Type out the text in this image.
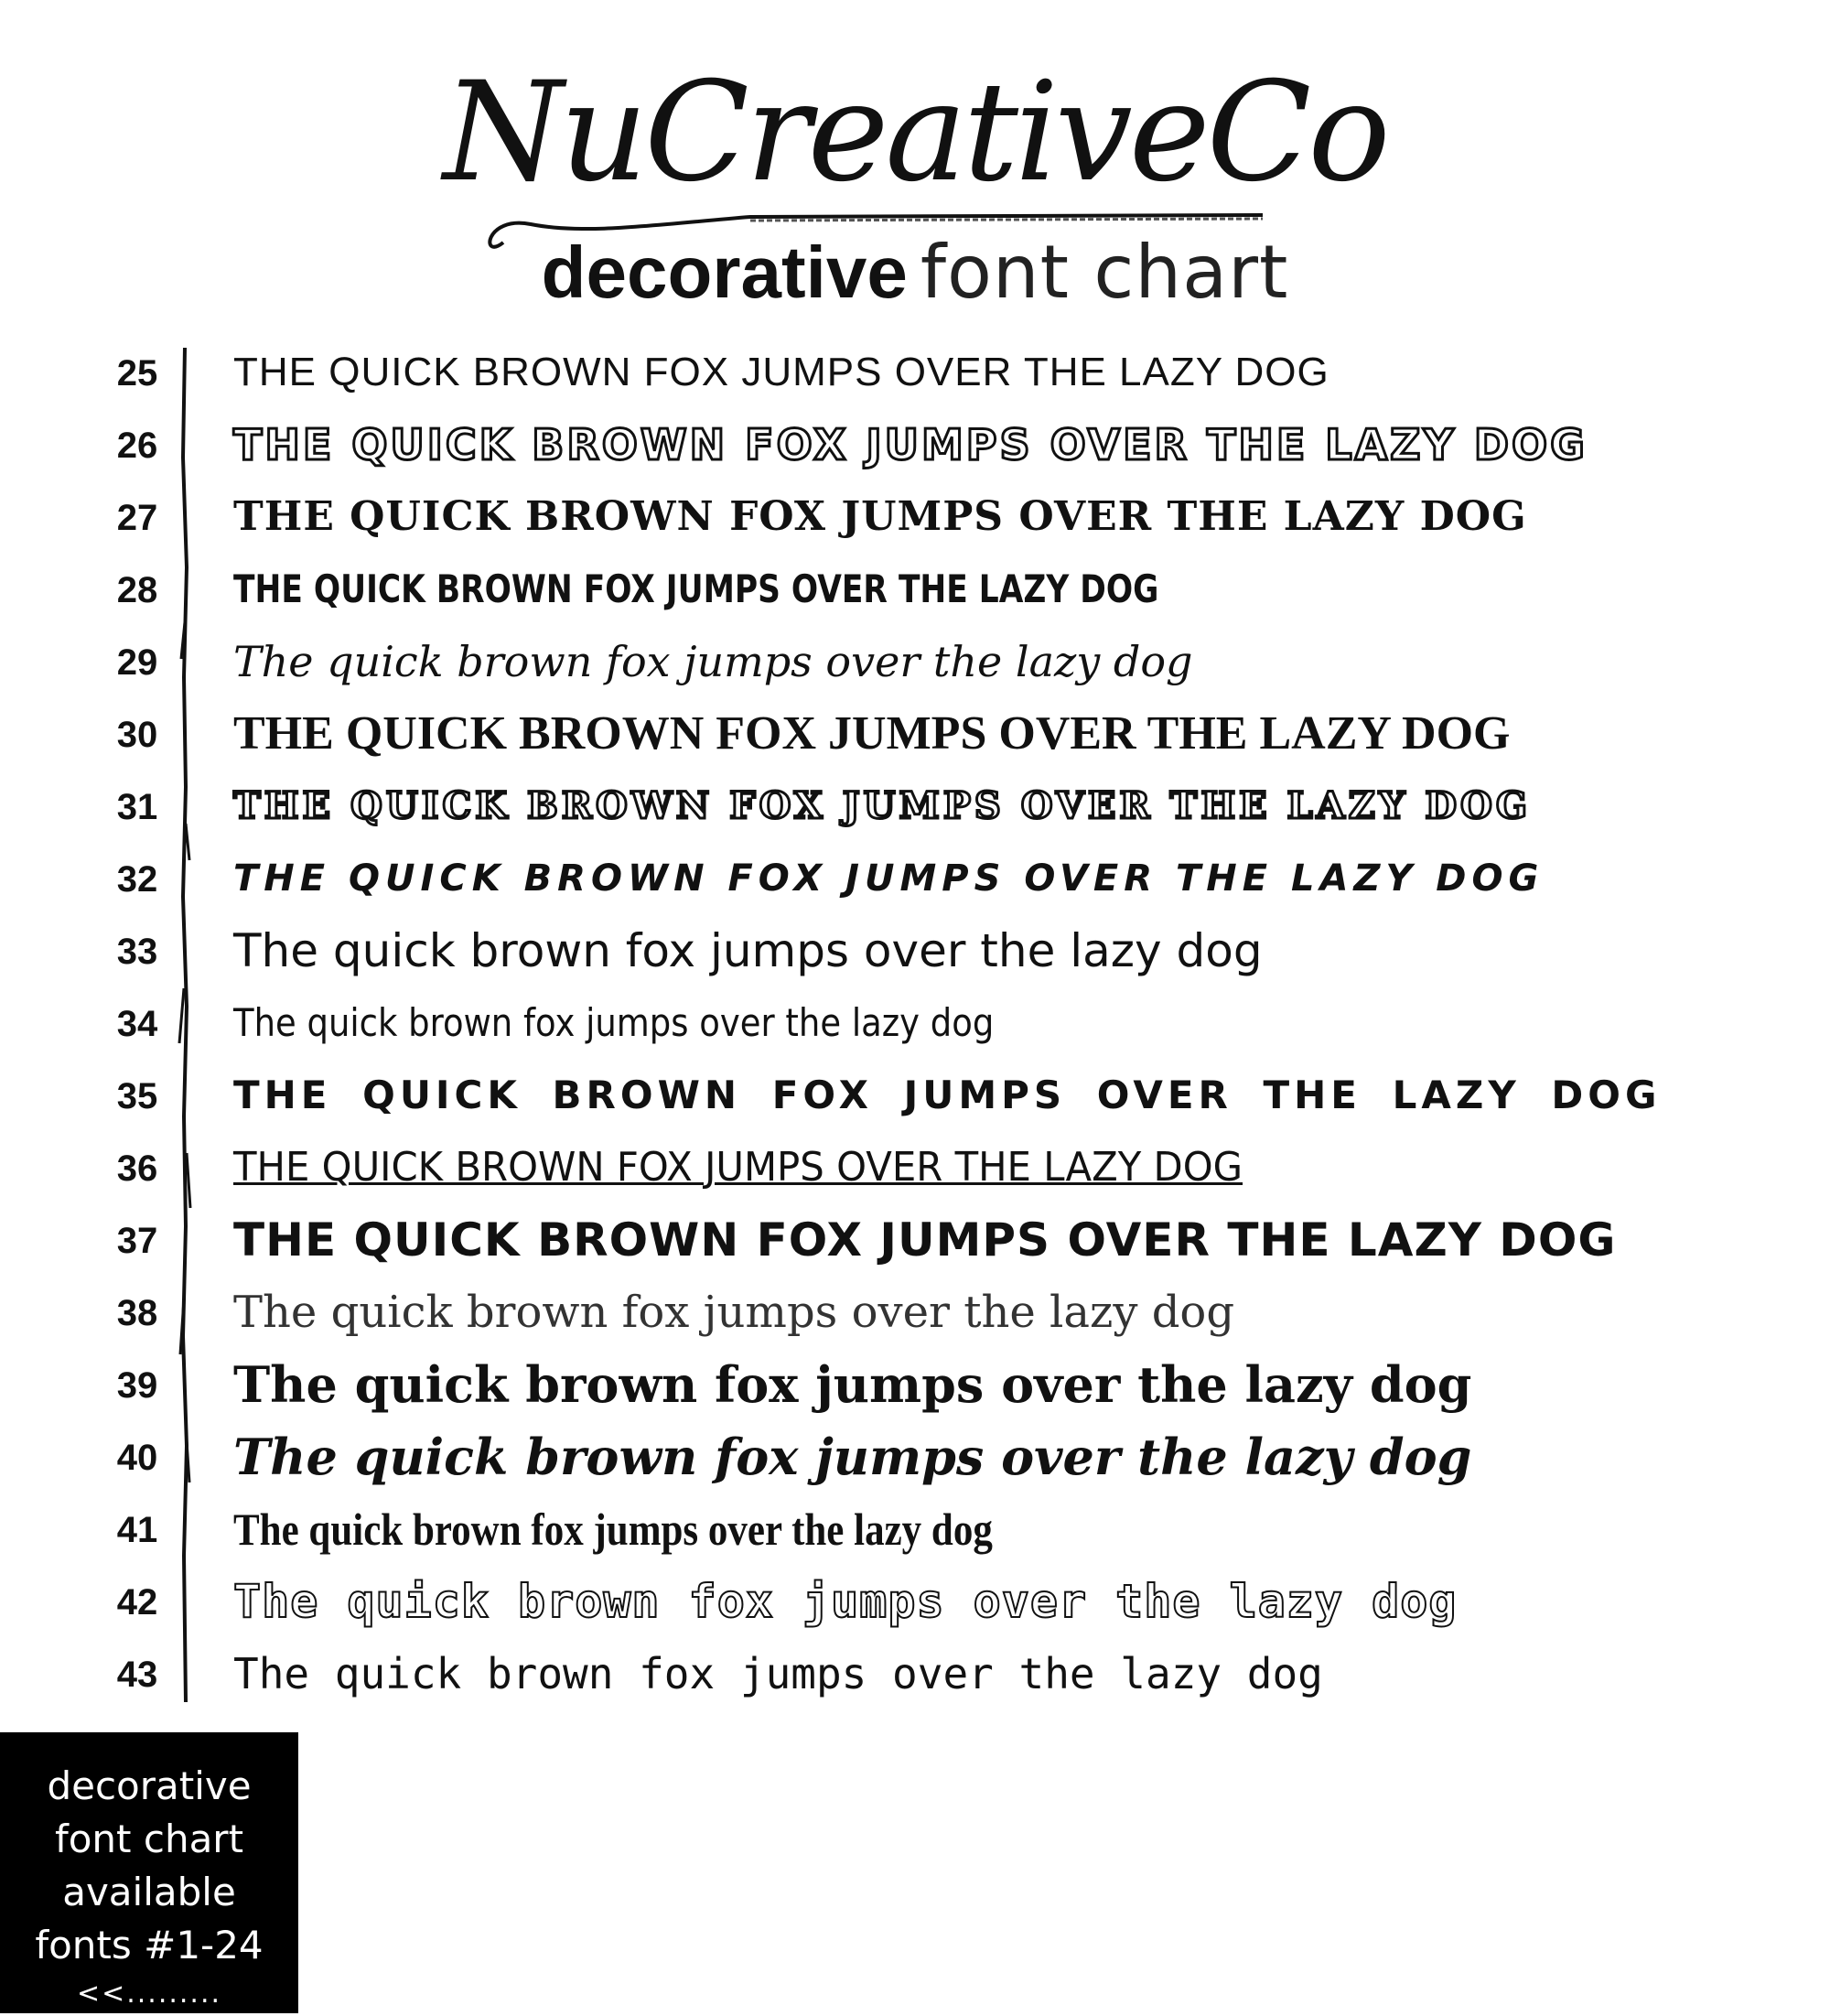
NuCreativeCo
decorative font chart
25	THE QUICK BROWN FOX JUMPS OVER THE LAZY DOG
26	THE QUICK BROWN FOX JUMPS OVER THE LAZY DOG
27	THE QUICK BROWN FOX JUMPS OVER THE LAZY DOG
28	THE QUICK BROWN FOX JUMPS OVER THE LAZY DOG
29	The quick brown fox jumps over the lazy dog
30	THE QUICK BROWN FOX JUMPS OVER THE LAZY DOG
31	THE QUICK BROWN FOX JUMPS OVER THE LAZY DOG
32	THE QUICK BROWN FOX JUMPS OVER THE LAZY DOG
33	The quick brown fox jumps over the lazy dog
34	The quick brown fox jumps over the lazy dog
35	THE QUICK BROWN FOX JUMPS OVER THE LAZY DOG
36	THE QUICK BROWN FOX JUMPS OVER THE LAZY DOG
37	THE QUICK BROWN FOX JUMPS OVER THE LAZY DOG
38	The quick brown fox jumps over the lazy dog
39	The quick brown fox jumps over the lazy dog
40	The quick brown fox jumps over the lazy dog
41	The quick brown fox jumps over the lazy dog
42	The quick brown fox jumps over the lazy dog
43	The quick brown fox jumps over the lazy dog
decorative
font chart
available
fonts #1-24
<<.........
